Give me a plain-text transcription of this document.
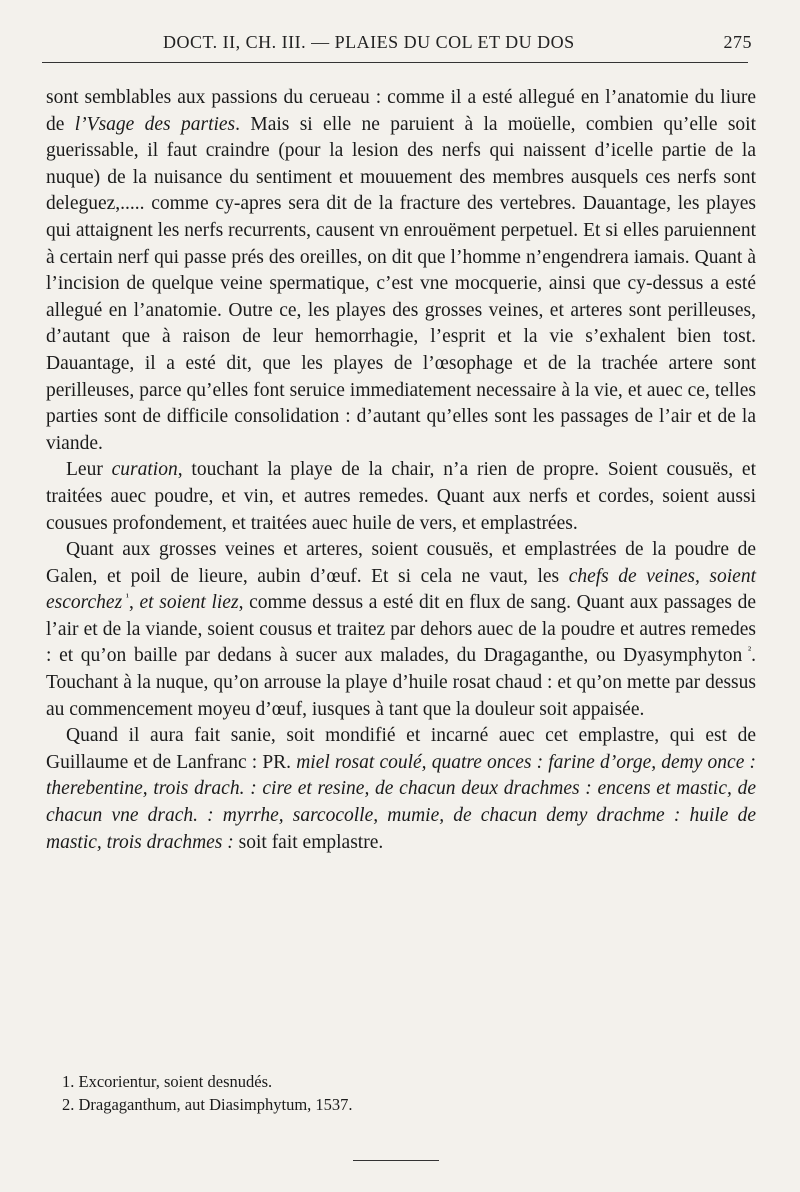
DOCT. II, CH. III. — PLAIES DU COL ET DU DOS	275

sont semblables aux passions du cerueau : comme il a esté allegué en l’anatomie du liure de l’Vsage des parties. Mais si elle ne paruient à la moüelle, combien qu’elle soit guerissable, il faut craindre (pour la lesion des nerfs qui naissent d’icelle partie de la nuque) de la nuisance du sentiment et mouuement des membres ausquels ces nerfs sont deleguez,..... comme cy-apres sera dit de la fracture des vertebres. Dauantage, les playes qui attaignent les nerfs recurrents, causent vn enrouëment perpetuel. Et si elles paruiennent à certain nerf qui passe prés des oreilles, on dit que l’homme n’engendrera iamais. Quant à l’incision de quelque veine spermatique, c’est vne mocquerie, ainsi que cy-dessus a esté allegué en l’anatomie. Outre ce, les playes des grosses veines, et arteres sont perilleuses, d’autant que à raison de leur hemorrhagie, l’esprit et la vie s’exhalent bien tost. Dauantage, il a esté dit, que les playes de l’œsophage et de la trachée artere sont perilleuses, parce qu’elles font seruice immediatement necessaire à la vie, et auec ce, telles parties sont de difficile consolidation : d’autant qu’elles sont les passages de l’air et de la viande.

Leur curation, touchant la playe de la chair, n’a rien de propre. Soient cousuës, et traitées auec poudre, et vin, et autres remedes. Quant aux nerfs et cordes, soient aussi cousues profondement, et traitées auec huile de vers, et emplastrées.

Quant aux grosses veines et arteres, soient cousuës, et emplastrées de la poudre de Galen, et poil de lieure, aubin d’œuf. Et si cela ne vaut, les chefs de veines, soient escorchez $^{^1}$, et soient liez, comme dessus a esté dit en flux de sang. Quant aux passages de l’air et de la viande, soient cousus et traitez par dehors auec de la poudre et autres remedes : et qu’on baille par dedans à sucer aux malades, du Dragaganthe, ou Dyasymphyton $^{^2}$. Touchant à la nuque, qu’on arrouse la playe d’huile rosat chaud : et qu’on mette par dessus au commencement moyeu d’œuf, iusques à tant que la douleur soit appaisée.

Quand il aura fait sanie, soit mondifié et incarné auec cet emplastre, qui est de Guillaume et de Lanfranc : PR. miel rosat coulé, quatre onces : farine d’orge, demy once : therebentine, trois drach. : cire et resine, de chacun deux drachmes : encens et mastic, de chacun vne drach. : myrrhe, sarcocolle, mumie, de chacun demy drachme : huile de mastic, trois drachmes : soit fait emplastre.

1. Excorientur, soient desnudés.
2. Dragaganthum, aut Diasimphytum, 1537.
